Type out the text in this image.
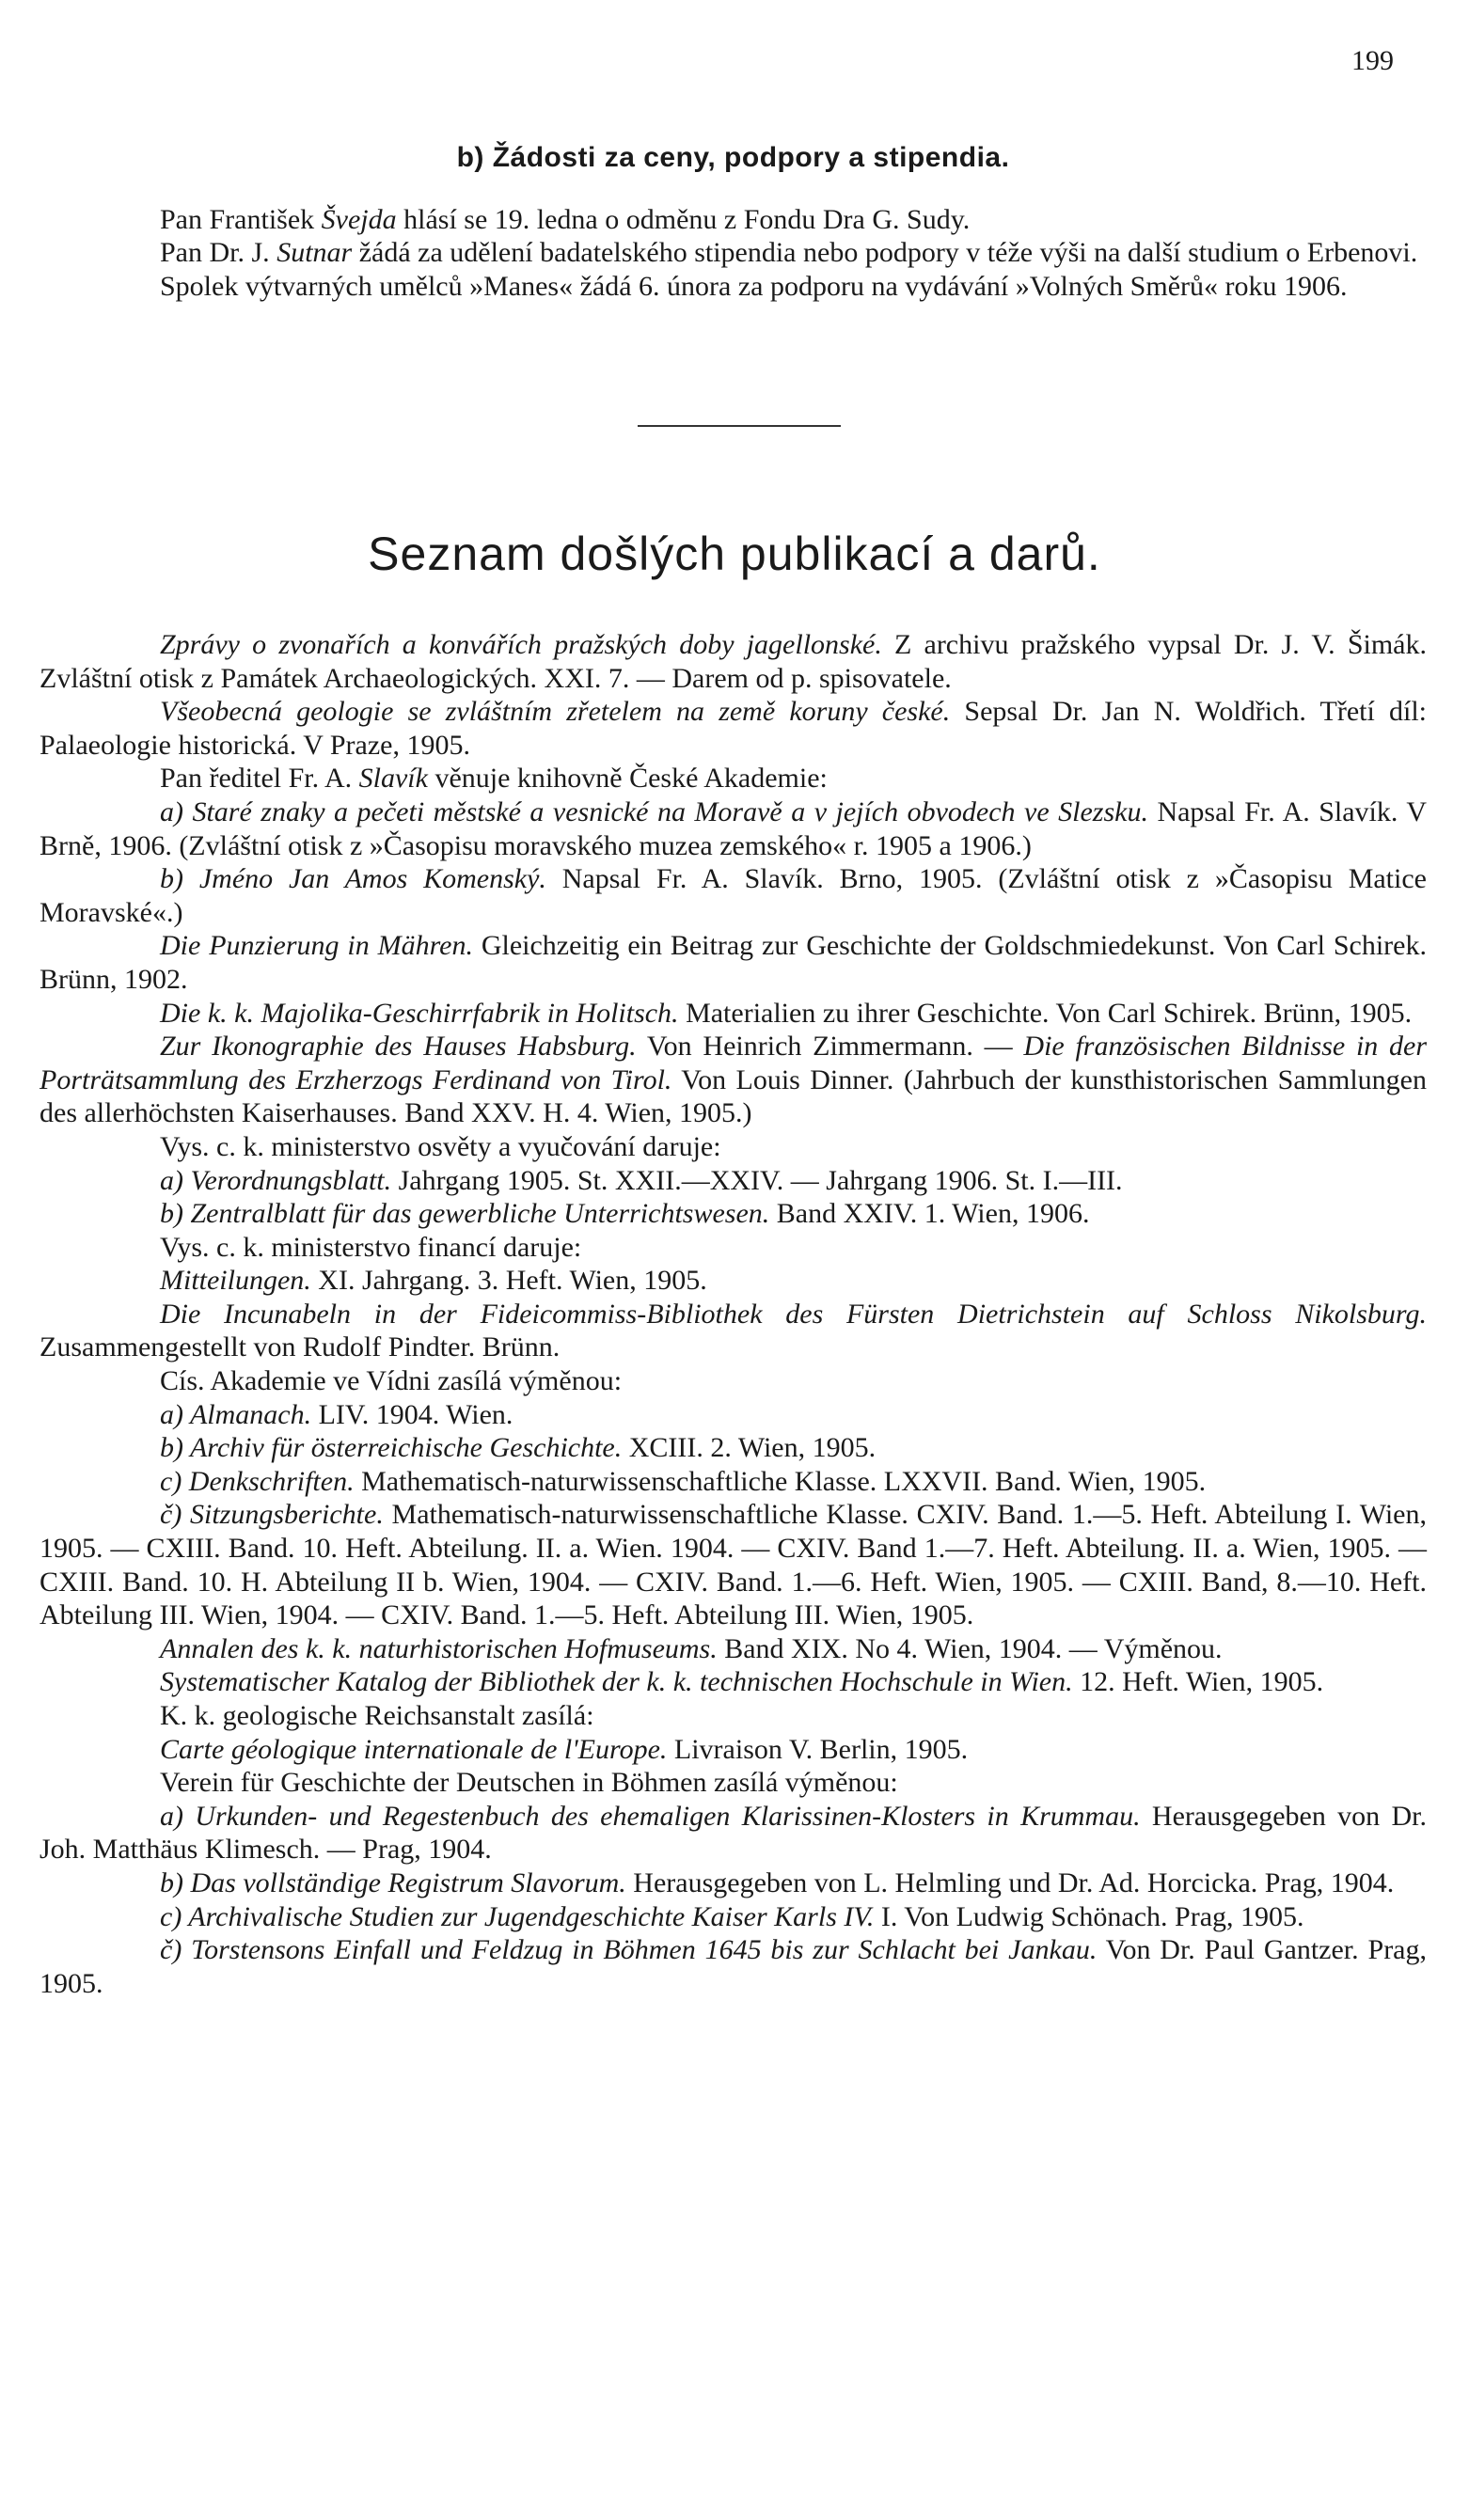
199
b) Žádosti za ceny, podpory a stipendia.

Pan František Švejda hlásí se 19. ledna o odměnu z Fondu Dra G. Sudy.

Pan Dr. J. Sutnar žádá za udělení badatelského stipendia nebo podpory v téže výši na další studium o Erbenovi.

Spolek výtvarných umělců »Manes« žádá 6. února za podporu na vydávání »Volných Směrů« roku 1906.

Seznam došlých publikací a darů.

Zprávy o zvonařích a konvářích pražských doby jagellonské. Z archivu pražského vypsal Dr. J. V. Šimák. Zvláštní otisk z Památek Archaeologických. XXI. 7. — Darem od p. spisovatele.

Všeobecná geologie se zvláštním zřetelem na země koruny české. Sepsal Dr. Jan N. Woldřich. Třetí díl: Palaeologie historická. V Praze, 1905.

Pan ředitel Fr. A. Slavík věnuje knihovně České Akademie:

a) Staré znaky a pečeti městské a vesnické na Moravě a v jejích obvodech ve Slezsku. Napsal Fr. A. Slavík. V Brně, 1906. (Zvláštní otisk z »Časopisu moravského muzea zemského« r. 1905 a 1906.)

b) Jméno Jan Amos Komenský. Napsal Fr. A. Slavík. Brno, 1905. (Zvláštní otisk z »Časopisu Matice Moravské«.)

Die Punzierung in Mähren. Gleichzeitig ein Beitrag zur Geschichte der Goldschmiedekunst. Von Carl Schirek. Brünn, 1902.

Die k. k. Majolika-Geschirrfabrik in Holitsch. Materialien zu ihrer Geschichte. Von Carl Schirek. Brünn, 1905.

Zur Ikonographie des Hauses Habsburg. Von Heinrich Zimmermann. — Die französischen Bildnisse in der Porträtsammlung des Erzherzogs Ferdinand von Tirol. Von Louis Dinner. (Jahrbuch der kunsthistorischen Sammlungen des allerhöchsten Kaiserhauses. Band XXV. H. 4. Wien, 1905.)

Vys. c. k. ministerstvo osvěty a vyučování daruje:

a) Verordnungsblatt. Jahrgang 1905. St. XXII.—XXIV. — Jahrgang 1906. St. I.—III.

b) Zentralblatt für das gewerbliche Unterrichtswesen. Band XXIV. 1. Wien, 1906.

Vys. c. k. ministerstvo financí daruje:

Mitteilungen. XI. Jahrgang. 3. Heft. Wien, 1905.

Die Incunabeln in der Fideicommiss-Bibliothek des Fürsten Dietrichstein auf Schloss Nikolsburg. Zusammengestellt von Rudolf Pindter. Brünn.

Cís. Akademie ve Vídni zasílá výměnou:

a) Almanach. LIV. 1904. Wien.

b) Archiv für österreichische Geschichte. XCIII. 2. Wien, 1905.

c) Denkschriften. Mathematisch-naturwissenschaftliche Klasse. LXXVII. Band. Wien, 1905.

č) Sitzungsberichte. Mathematisch-naturwissenschaftliche Klasse. CXIV. Band. 1.—5. Heft. Abteilung I. Wien, 1905. — CXIII. Band. 10. Heft. Abteilung. II. a. Wien. 1904. — CXIV. Band 1.—7. Heft. Abteilung. II. a. Wien, 1905. — CXIII. Band. 10. H. Abteilung II b. Wien, 1904. — CXIV. Band. 1.—6. Heft. Wien, 1905. — CXIII. Band, 8.—10. Heft. Abteilung III. Wien, 1904. — CXIV. Band. 1.—5. Heft. Abteilung III. Wien, 1905.

Annalen des k. k. naturhistorischen Hofmuseums. Band XIX. No 4. Wien, 1904. — Výměnou.

Systematischer Katalog der Bibliothek der k. k. technischen Hochschule in Wien. 12. Heft. Wien, 1905.

K. k. geologische Reichsanstalt zasílá:

Carte géologique internationale de l'Europe. Livraison V. Berlin, 1905.

Verein für Geschichte der Deutschen in Böhmen zasílá výměnou:

a) Urkunden- und Regestenbuch des ehemaligen Klarissinen-Klosters in Krummau. Herausgegeben von Dr. Joh. Matthäus Klimesch. — Prag, 1904.

b) Das vollständige Registrum Slavorum. Herausgegeben von L. Helmling und Dr. Ad. Horcicka. Prag, 1904.

c) Archivalische Studien zur Jugendgeschichte Kaiser Karls IV. I. Von Ludwig Schönach. Prag, 1905.

č) Torstensons Einfall und Feldzug in Böhmen 1645 bis zur Schlacht bei Jankau. Von Dr. Paul Gantzer. Prag, 1905.
